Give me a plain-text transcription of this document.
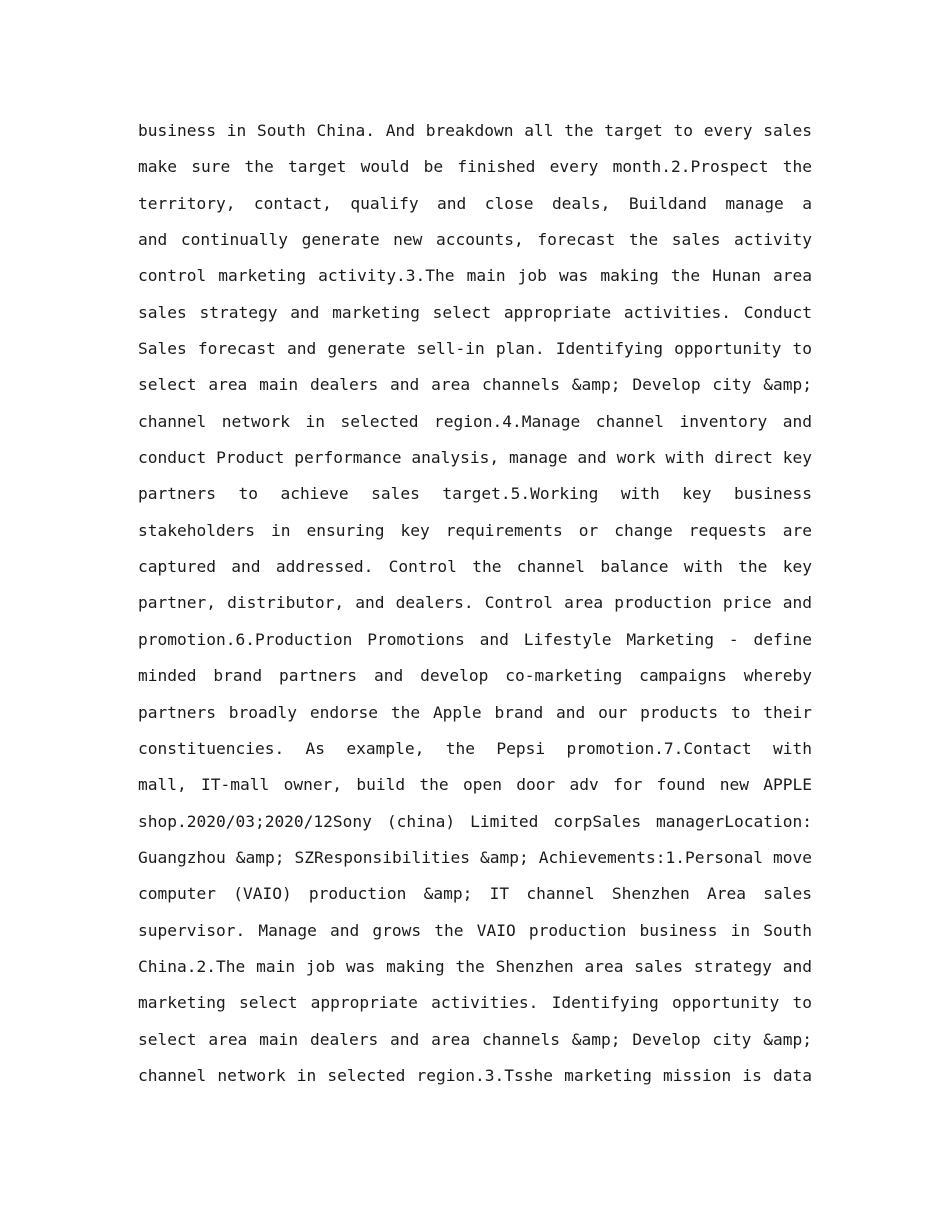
business in South China. And breakdown all the target to every sales
make sure the target would be finished every month.2.Prospect the
territory, contact, qualify and close deals, Buildand manage a
and continually generate new accounts, forecast the sales activity
control marketing activity.3.The main job was making the Hunan area
sales strategy and marketing select appropriate activities. Conduct
Sales forecast and generate sell-in plan. Identifying opportunity to
select area main dealers and area channels &amp; Develop city &amp;
channel network in selected region.4.Manage channel inventory and
conduct Product performance analysis, manage and work with direct key
partners to achieve sales target.5.Working with key business
stakeholders in ensuring key requirements or change requests are
captured and addressed. Control the channel balance with the key
partner, distributor, and dealers. Control area production price and
promotion.6.Production Promotions and Lifestyle Marketing - define
minded brand partners and develop co-marketing campaigns whereby
partners broadly endorse the Apple brand and our products to their
constituencies. As example, the Pepsi promotion.7.Contact with
mall, IT-mall owner, build the open door adv for found new APPLE
shop.2020/03;2020/12Sony (china) Limited corpSales managerLocation:
Guangzhou &amp; SZResponsibilities &amp; Achievements:1.Personal move
computer (VAIO) production &amp; IT channel Shenzhen Area sales
supervisor. Manage and grows the VAIO production business in South
China.2.The main job was making the Shenzhen area sales strategy and
marketing select appropriate activities. Identifying opportunity to
select area main dealers and area channels &amp; Develop city &amp;
channel network in selected region.3.Tsshe marketing mission is data
